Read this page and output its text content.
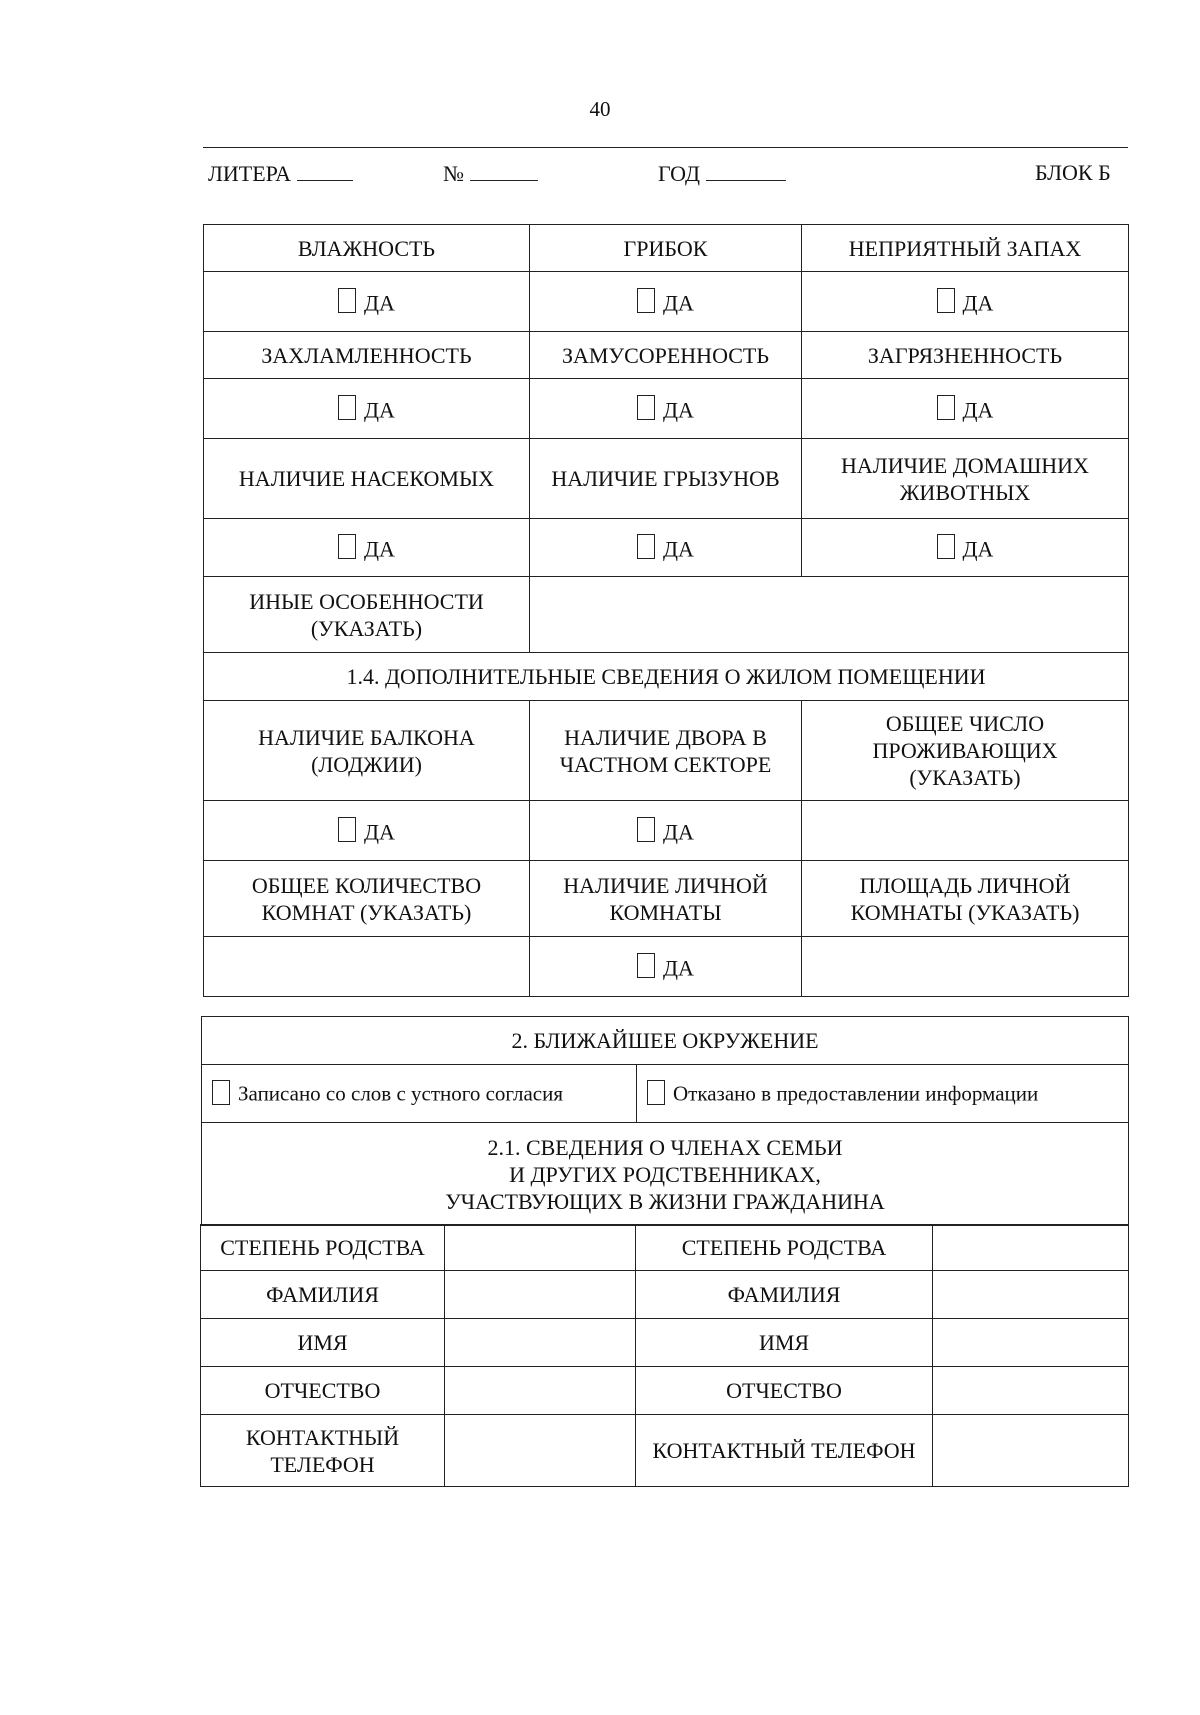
40
ЛИТЕРА	№	ГОД	БЛОК Б
ВЛАЖНОСТЬ	ГРИБОК	НЕПРИЯТНЫЙ ЗАПАХ
ДА	ДА	ДА
ЗАХЛАМЛЕННОСТЬ	ЗАМУСОРЕННОСТЬ	ЗАГРЯЗНЕННОСТЬ
ДА	ДА	ДА
НАЛИЧИЕ НАСЕКОМЫХ	НАЛИЧИЕ ГРЫЗУНОВ	НАЛИЧИЕ ДОМАШНИХ ЖИВОТНЫХ
ДА	ДА	ДА
ИНЫЕ ОСОБЕННОСТИ (УКАЗАТЬ)		
1.4. ДОПОЛНИТЕЛЬНЫЕ СВЕДЕНИЯ О ЖИЛОМ ПОМЕЩЕНИИ		
НАЛИЧИЕ БАЛКОНА (ЛОДЖИИ)	НАЛИЧИЕ ДВОРА В ЧАСТНОМ СЕКТОРЕ	ОБЩЕЕ ЧИСЛО ПРОЖИВАЮЩИХ (УКАЗАТЬ)
ДА	ДА	
ОБЩЕЕ КОЛИЧЕСТВО КОМНАТ (УКАЗАТЬ)	НАЛИЧИЕ ЛИЧНОЙ КОМНАТЫ	ПЛОЩАДЬ ЛИЧНОЙ КОМНАТЫ (УКАЗАТЬ)
	ДА	
2. БЛИЖАЙШЕЕ ОКРУЖЕНИЕ
Записано со слов с устного согласия	Отказано в предоставлении информации

2.1. СВЕДЕНИЯ О ЧЛЕНАХ СЕМЬИ
И ДРУГИХ РОДСТВЕННИКАХ,
УЧАСТВУЮЩИХ В ЖИЗНИ ГРАЖДАНИНА
СТЕПЕНЬ РОДСТВА		СТЕПЕНЬ РОДСТВА	
ФАМИЛИЯ		ФАМИЛИЯ	
ИМЯ		ИМЯ	
ОТЧЕСТВО		ОТЧЕСТВО	
КОНТАКТНЫЙ ТЕЛЕФОН		КОНТАКТНЫЙ ТЕЛЕФОН	
